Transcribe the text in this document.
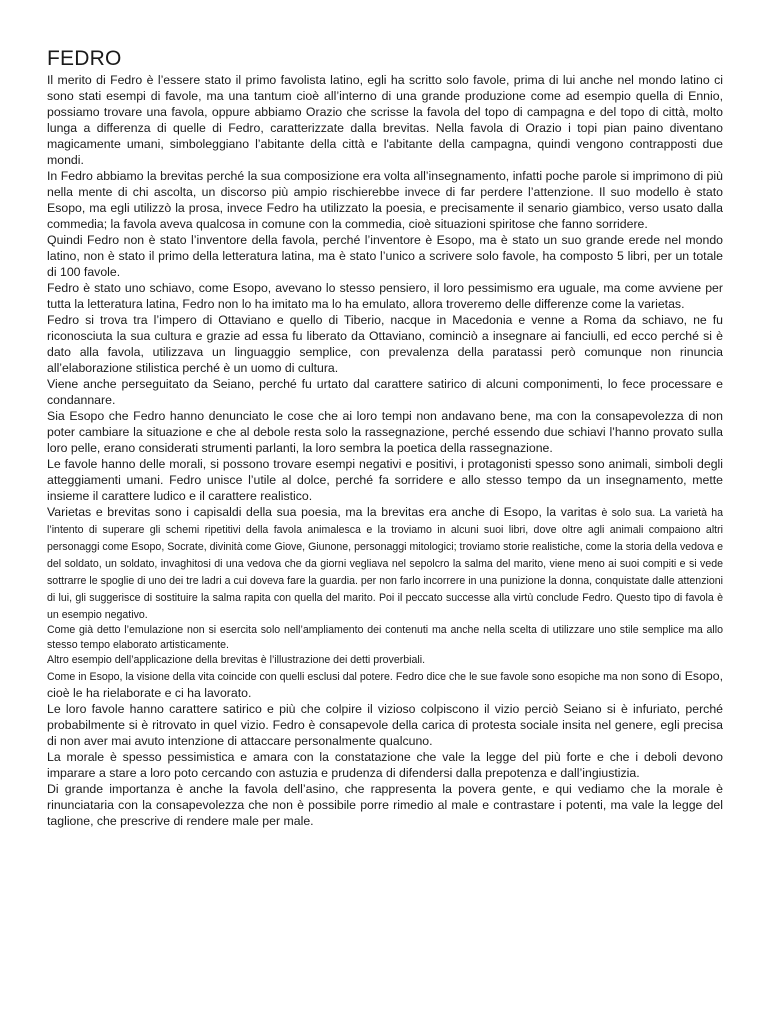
FEDRO

Il merito di Fedro è l’essere stato il primo favolista latino, egli ha scritto solo favole, prima di lui anche nel mondo latino ci sono stati esempi di favole, ma una tantum cioè all’interno di una grande produzione come ad esempio quella di Ennio, possiamo trovare una favola, oppure abbiamo Orazio che scrisse la favola del topo di campagna e del topo di città, molto lunga a differenza di quelle di Fedro, caratterizzate dalla brevitas. Nella favola di Orazio i topi pian paino diventano magicamente umani, simboleggiano l’abitante della città e l'abitante della campagna, quindi vengono contrapposti due mondi.

In Fedro abbiamo la brevitas perché la sua composizione era volta all’insegnamento, infatti poche parole si imprimono di più nella mente di chi ascolta, un discorso più ampio rischierebbe invece di far perdere l’attenzione. Il suo modello è stato Esopo, ma egli utilizzò la prosa, invece Fedro ha utilizzato la poesia, e precisamente il senario giambico, verso usato dalla commedia; la favola aveva qualcosa in comune con la commedia, cioè situazioni spiritose che fanno sorridere.

Quindi Fedro non è stato l’inventore della favola, perché l’inventore è Esopo, ma è stato un suo grande erede nel mondo latino, non è stato il primo della letteratura latina, ma è stato l’unico a scrivere solo favole, ha composto 5 libri, per un totale di 100 favole.

Fedro è stato uno schiavo, come Esopo, avevano lo stesso pensiero, il loro pessimismo era uguale, ma come avviene per tutta la letteratura latina, Fedro non lo ha imitato ma lo ha emulato, allora troveremo delle differenze come la varietas.

Fedro si trova tra l’impero di Ottaviano e quello di Tiberio, nacque in Macedonia e venne a Roma da schiavo, ne fu riconosciuta la sua cultura e grazie ad essa fu liberato da Ottaviano, cominciò a insegnare ai fanciulli, ed ecco perché si è dato alla favola, utilizzava un linguaggio semplice, con prevalenza della paratassi però comunque non rinuncia all’elaborazione stilistica perché è un uomo di cultura.

Viene anche perseguitato da Seiano, perché fu urtato dal carattere satirico di alcuni componimenti, lo fece processare e condannare.

Sia Esopo che Fedro hanno denunciato le cose che ai loro tempi non andavano bene, ma con la consapevolezza di non poter cambiare la situazione e che al debole resta solo la rassegnazione, perché essendo due schiavi l’hanno provato sulla loro pelle, erano considerati strumenti parlanti, la loro sembra la poetica della rassegnazione.

Le favole hanno delle morali, si possono trovare esempi negativi e positivi, i protagonisti spesso sono animali, simboli degli atteggiamenti umani. Fedro unisce l’utile al dolce, perché fa sorridere e allo stesso tempo da un insegnamento, mette insieme il carattere ludico e il carattere realistico.

Varietas e brevitas sono i capisaldi della sua poesia, ma la brevitas era anche di Esopo, la varitas è solo sua. La varietà ha l’intento di superare gli schemi ripetitivi della favola animalesca e la troviamo in alcuni suoi libri, dove oltre agli animali compaiono altri personaggi come Esopo, Socrate, divinità come Giove, Giunone, personaggi mitologici; troviamo storie realistiche, come la storia della vedova e del soldato, un soldato, invaghitosi di una vedova che da giorni vegliava nel sepolcro la salma del marito, viene meno ai suoi compiti e si vede sottrarre le spoglie di uno dei tre ladri a cui doveva fare la guardia. per non farlo incorrere in una punizione la donna, conquistate dalle attenzioni di lui, gli suggerisce di sostituire la salma rapita con quella del marito. Poi il peccato successe alla virtù conclude Fedro. Questo tipo di favola è un esempio negativo.

Come già detto l’emulazione non si esercita solo nell’ampliamento dei contenuti ma anche nella scelta di utilizzare uno stile semplice ma allo stesso tempo elaborato artisticamente.

Altro esempio dell’applicazione della brevitas è l’illustrazione dei detti proverbiali.

Come in Esopo, la visione della vita coincide con quelli esclusi dal potere. Fedro dice che le sue favole sono esopiche ma non sono di Esopo, cioè le ha rielaborate e ci ha lavorato.

Le loro favole hanno carattere satirico e più che colpire il vizioso colpiscono il vizio perciò Seiano si è infuriato, perché probabilmente si è ritrovato in quel vizio. Fedro è consapevole della carica di protesta sociale insita nel genere, egli precisa di non aver mai avuto intenzione di attaccare personalmente qualcuno.

La morale è spesso pessimistica e amara con la constatazione che vale la legge del più forte e che i deboli devono imparare a stare a loro poto cercando con astuzia e prudenza di difendersi dalla prepotenza e dall’ingiustizia.

Di grande importanza è anche la favola dell’asino, che rappresenta la povera gente, e qui vediamo che la morale è rinunciataria con la consapevolezza che non è possibile porre rimedio al male e contrastare i potenti, ma vale la legge del taglione, che prescrive di rendere male per male.
